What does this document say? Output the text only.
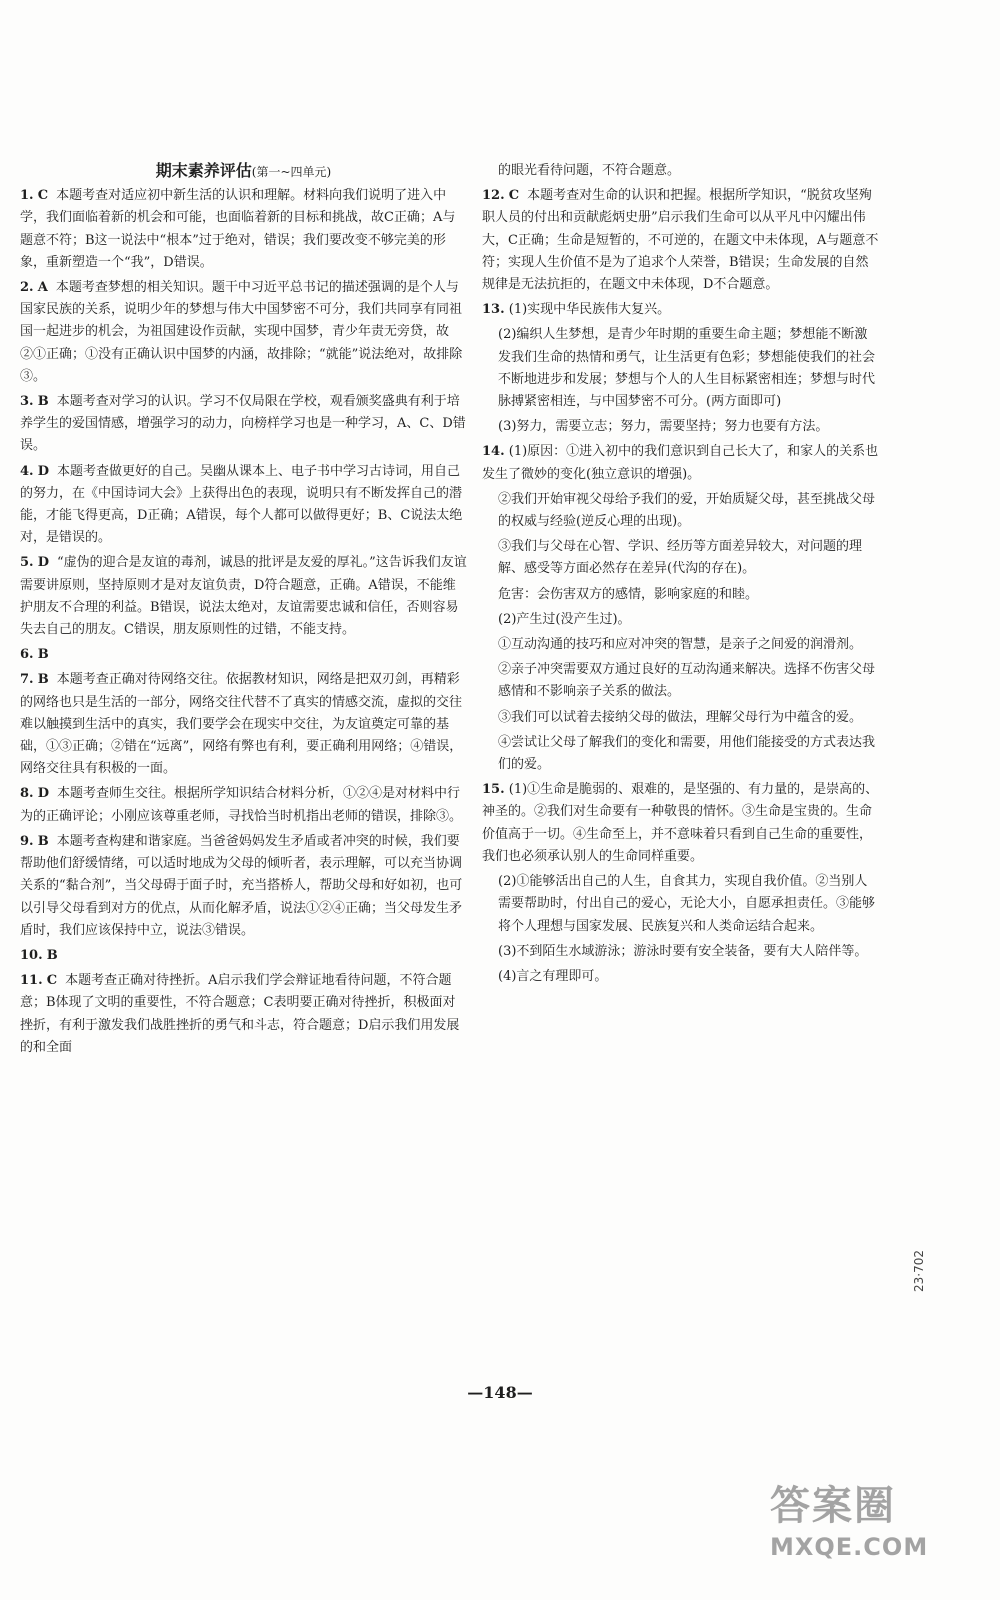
期末素养评估(第一~四单元)
1. C 本题考查对适应初中新生活的认识和理解。材料向我们说明了进入中学，我们面临着新的机会和可能，也面临着新的目标和挑战，故C正确；A与题意不符；B这一说法中“根本”过于绝对，错误；我们要改变不够完美的形象，重新塑造一个“我”，D错误。
2. A 本题考查梦想的相关知识。题干中习近平总书记的描述强调的是个人与国家民族的关系，说明少年的梦想与伟大中国梦密不可分，我们共同享有同祖国一起进步的机会，为祖国建设作贡献，实现中国梦，青少年责无旁贷，故②①正确；①没有正确认识中国梦的内涵，故排除；“就能”说法绝对，故排除③。
3. B 本题考查对学习的认识。学习不仅局限在学校，观看颁奖盛典有利于培养学生的爱国情感，增强学习的动力，向榜样学习也是一种学习，A、C、D错误。
4. D 本题考查做更好的自己。吴幽从课本上、电子书中学习古诗词，用自己的努力，在《中国诗词大会》上获得出色的表现，说明只有不断发挥自己的潜能，才能飞得更高，D正确；A错误，每个人都可以做得更好；B、C说法太绝对，是错误的。
5. D “虚伪的迎合是友谊的毒剂，诚恳的批评是友爱的厚礼。”这告诉我们友谊需要讲原则，坚持原则才是对友谊负责，D符合题意，正确。A错误，不能维护朋友不合理的利益。B错误，说法太绝对，友谊需要忠诚和信任，否则容易失去自己的朋友。C错误，朋友原则性的过错，不能支持。
6. B
7. B 本题考查正确对待网络交往。依据教材知识，网络是把双刃剑，再精彩的网络也只是生活的一部分，网络交往代替不了真实的情感交流，虚拟的交往难以触摸到生活中的真实，我们要学会在现实中交往，为友谊奠定可靠的基础，①③正确；②错在“远离”，网络有弊也有利，要正确利用网络；④错误，网络交往具有积极的一面。
8. D 本题考查师生交往。根据所学知识结合材料分析，①②④是对材料中行为的正确评论；小刚应该尊重老师，寻找恰当时机指出老师的错误，排除③。
9. B 本题考查构建和谐家庭。当爸爸妈妈发生矛盾或者冲突的时候，我们要帮助他们舒缓情绪，可以适时地成为父母的倾听者，表示理解，可以充当协调关系的“黏合剂”，当父母碍于面子时，充当搭桥人，帮助父母和好如初，也可以引导父母看到对方的优点，从而化解矛盾，说法①②④正确；当父母发生矛盾时，我们应该保持中立，说法③错误。
10. B
11. C 本题考查正确对待挫折。A启示我们学会辩证地看待问题，不符合题意；B体现了文明的重要性，不符合题意；C表明要正确对待挫折，积极面对挫折，有利于激发我们战胜挫折的勇气和斗志，符合题意；D启示我们用发展的和全面
的眼光看待问题，不符合题意。
12. C 本题考查对生命的认识和把握。根据所学知识，“脱贫攻坚殉职人员的付出和贡献彪炳史册”启示我们生命可以从平凡中闪耀出伟大，C正确；生命是短暂的，不可逆的，在题文中未体现，A与题意不符；实现人生价值不是为了追求个人荣誉，B错误；生命发展的自然规律是无法抗拒的，在题文中未体现，D不合题意。
13. (1)实现中华民族伟大复兴。
(2)编织人生梦想，是青少年时期的重要生命主题；梦想能不断激发我们生命的热情和勇气，让生活更有色彩；梦想能使我们的社会不断地进步和发展；梦想与个人的人生目标紧密相连；梦想与时代脉搏紧密相连，与中国梦密不可分。(两方面即可)
(3)努力，需要立志；努力，需要坚持；努力也要有方法。
14. (1)原因：①进入初中的我们意识到自己长大了，和家人的关系也发生了微妙的变化(独立意识的增强)。
②我们开始审视父母给予我们的爱，开始质疑父母，甚至挑战父母的权威与经验(逆反心理的出现)。
③我们与父母在心智、学识、经历等方面差异较大，对问题的理解、感受等方面必然存在差异(代沟的存在)。
危害：会伤害双方的感情，影响家庭的和睦。
(2)产生过(没产生过)。
①互动沟通的技巧和应对冲突的智慧，是亲子之间爱的润滑剂。
②亲子冲突需要双方通过良好的互动沟通来解决。选择不伤害父母感情和不影响亲子关系的做法。
③我们可以试着去接纳父母的做法，理解父母行为中蕴含的爱。
④尝试让父母了解我们的变化和需要，用他们能接受的方式表达我们的爱。
15. (1)①生命是脆弱的、艰难的，是坚强的、有力量的，是崇高的、神圣的。②我们对生命要有一种敬畏的情怀。③生命是宝贵的。生命价值高于一切。④生命至上，并不意味着只看到自己生命的重要性，我们也必须承认别人的生命同样重要。
(2)①能够活出自己的人生，自食其力，实现自我价值。②当别人需要帮助时，付出自己的爱心，无论大小，自愿承担责任。③能够将个人理想与国家发展、民族复兴和人类命运结合起来。
(3)不到陌生水域游泳；游泳时要有安全装备，要有大人陪伴等。
(4)言之有理即可。
—148—
23·702
答案圈
MXQE.COM
